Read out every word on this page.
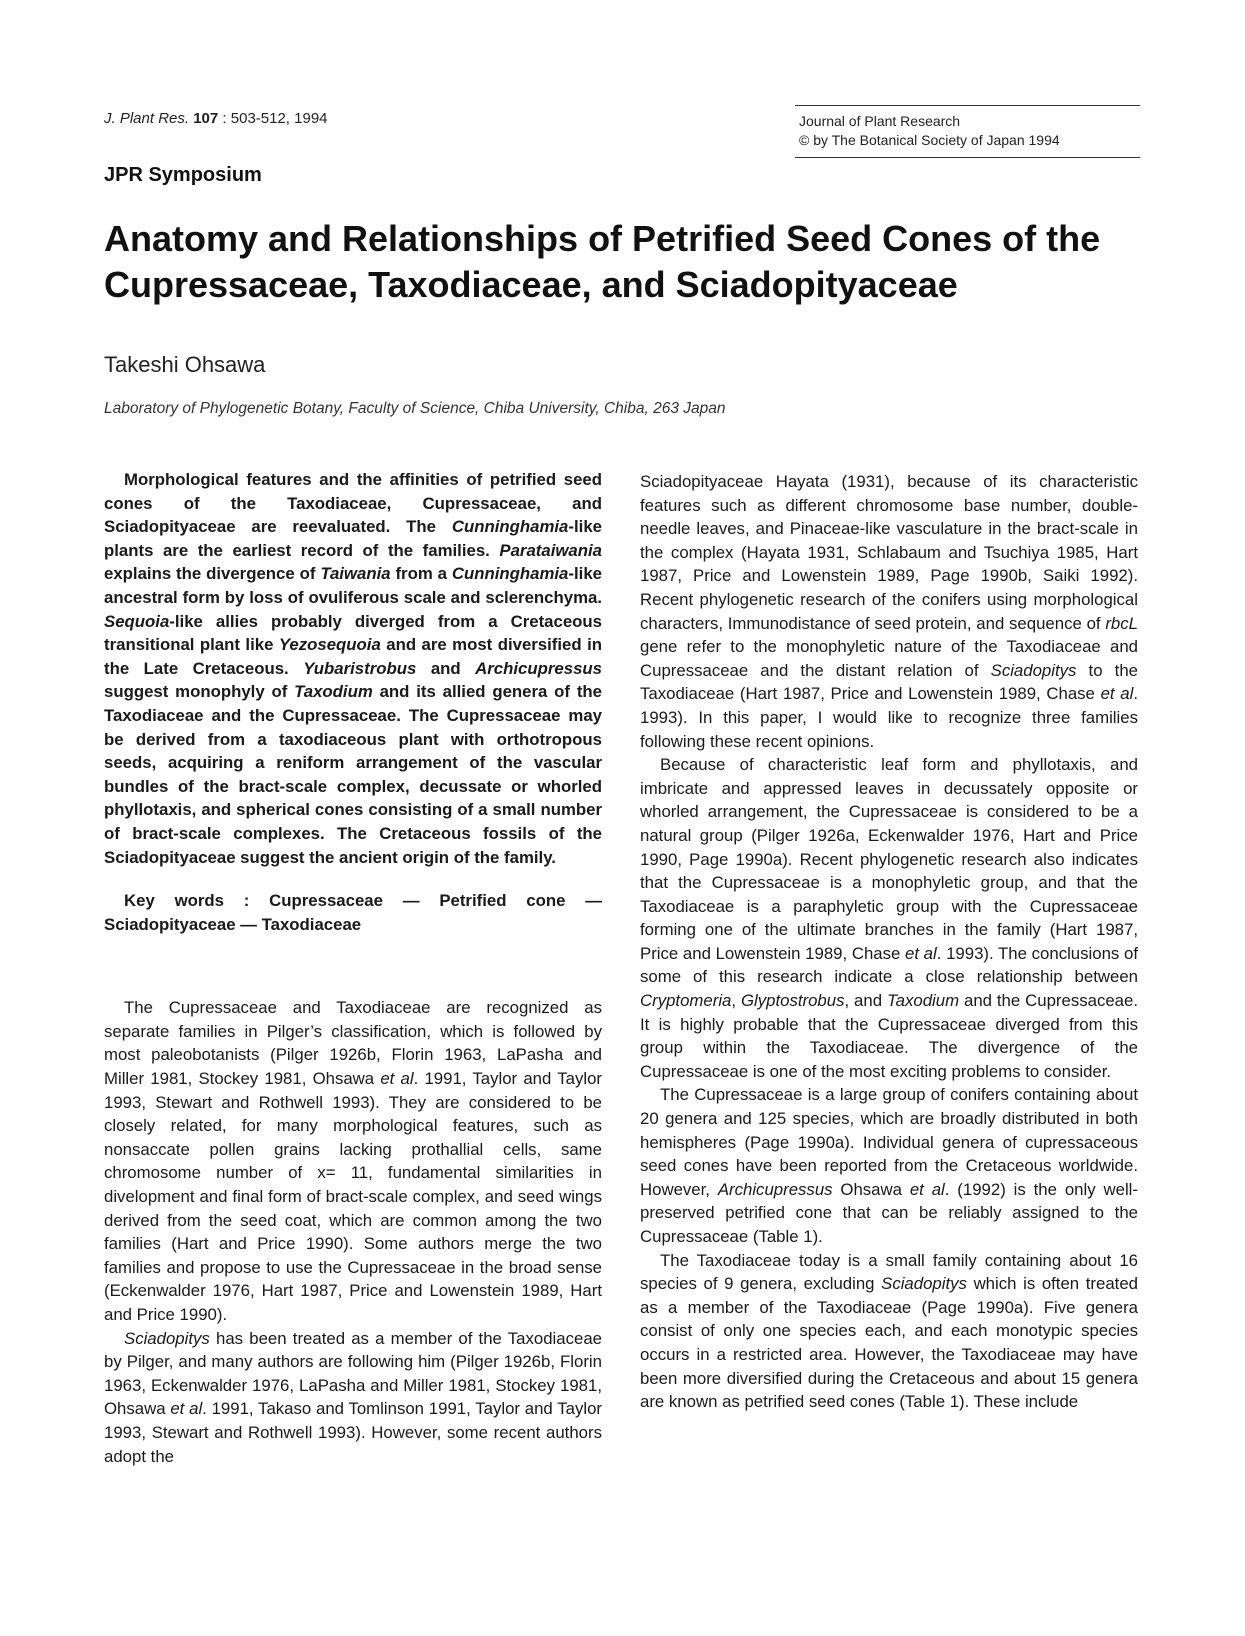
J. Plant Res. 107 : 503-512, 1994	Journal of Plant Research
© by The Botanical Society of Japan 1994
JPR Symposium
Anatomy and Relationships of Petrified Seed Cones of the
Cupressaceae, Taxodiaceae, and Sciadopityaceae
Takeshi Ohsawa
Laboratory of Phylogenetic Botany, Faculty of Science, Chiba University, Chiba, 263 Japan

Morphological features and the affinities of petrified seed cones of the Taxodiaceae, Cupressaceae, and Sciadopityaceae are reevaluated. The Cunninghamia-like plants are the earliest record of the families. Parataiwania explains the divergence of Taiwania from a Cunninghamia-like ancestral form by loss of ovuliferous scale and sclerenchyma. Sequoia-like allies probably diverged from a Cretaceous transitional plant like Yezosequoia and are most diversified in the Late Cretaceous. Yubaristrobus and Archicupressus suggest monophyly of Taxodium and its allied genera of the Taxodiaceae and the Cupressaceae. The Cupressaceae may be derived from a taxodiaceous plant with orthotropous seeds, acquiring a reniform arrangement of the vascular bundles of the bract-scale complex, decussate or whorled phyllotaxis, and spherical cones consisting of a small number of bract-scale complexes. The Cretaceous fossils of the Sciadopityaceae suggest the ancient origin of the family.

Key words : Cupressaceae — Petrified cone — Sciadopityaceae — Taxodiaceae

The Cupressaceae and Taxodiaceae are recognized as separate families in Pilger’s classification, which is followed by most paleobotanists (Pilger 1926b, Florin 1963, LaPasha and Miller 1981, Stockey 1981, Ohsawa et al. 1991, Taylor and Taylor 1993, Stewart and Rothwell 1993). They are considered to be closely related, for many morphological features, such as nonsaccate pollen grains lacking prothallial cells, same chromosome number of x= 11, fundamental similarities in divelopment and final form of bract-scale complex, and seed wings derived from the seed coat, which are common among the two families (Hart and Price 1990). Some authors merge the two families and propose to use the Cupressaceae in the broad sense (Eckenwalder 1976, Hart 1987, Price and Lowenstein 1989, Hart and Price 1990).

Sciadopitys has been treated as a member of the Taxodiaceae by Pilger, and many authors are following him (Pilger 1926b, Florin 1963, Eckenwalder 1976, LaPasha and Miller 1981, Stockey 1981, Ohsawa et al. 1991, Takaso and Tomlinson 1991, Taylor and Taylor 1993, Stewart and Rothwell 1993). However, some recent authors adopt the

Sciadopityaceae Hayata (1931), because of its characteristic features such as different chromosome base number, double-needle leaves, and Pinaceae-like vasculature in the bract-scale in the complex (Hayata 1931, Schlabaum and Tsuchiya 1985, Hart 1987, Price and Lowenstein 1989, Page 1990b, Saiki 1992). Recent phylogenetic research of the conifers using morphological characters, Immunodistance of seed protein, and sequence of rbcL gene refer to the monophyletic nature of the Taxodiaceae and Cupressaceae and the distant relation of Sciadopitys to the Taxodiaceae (Hart 1987, Price and Lowenstein 1989, Chase et al. 1993). In this paper, I would like to recognize three families following these recent opinions.

Because of characteristic leaf form and phyllotaxis, and imbricate and appressed leaves in decussately opposite or whorled arrangement, the Cupressaceae is considered to be a natural group (Pilger 1926a, Eckenwalder 1976, Hart and Price 1990, Page 1990a). Recent phylogenetic research also indicates that the Cupressaceae is a monophyletic group, and that the Taxodiaceae is a paraphyletic group with the Cupressaceae forming one of the ultimate branches in the family (Hart 1987, Price and Lowenstein 1989, Chase et al. 1993). The conclusions of some of this research indicate a close relationship between Cryptomeria, Glyptostrobus, and Taxodium and the Cupressaceae. It is highly probable that the Cupressaceae diverged from this group within the Taxodiaceae. The divergence of the Cupressaceae is one of the most exciting problems to consider.

The Cupressaceae is a large group of conifers containing about 20 genera and 125 species, which are broadly distributed in both hemispheres (Page 1990a). Individual genera of cupressaceous seed cones have been reported from the Cretaceous worldwide. However, Archicupressus Ohsawa et al. (1992) is the only well-preserved petrified cone that can be reliably assigned to the Cupressaceae (Table 1).

The Taxodiaceae today is a small family containing about 16 species of 9 genera, excluding Sciadopitys which is often treated as a member of the Taxodiaceae (Page 1990a). Five genera consist of only one species each, and each monotypic species occurs in a restricted area. However, the Taxodiaceae may have been more diversified during the Cretaceous and about 15 genera are known as petrified seed cones (Table 1). These include
